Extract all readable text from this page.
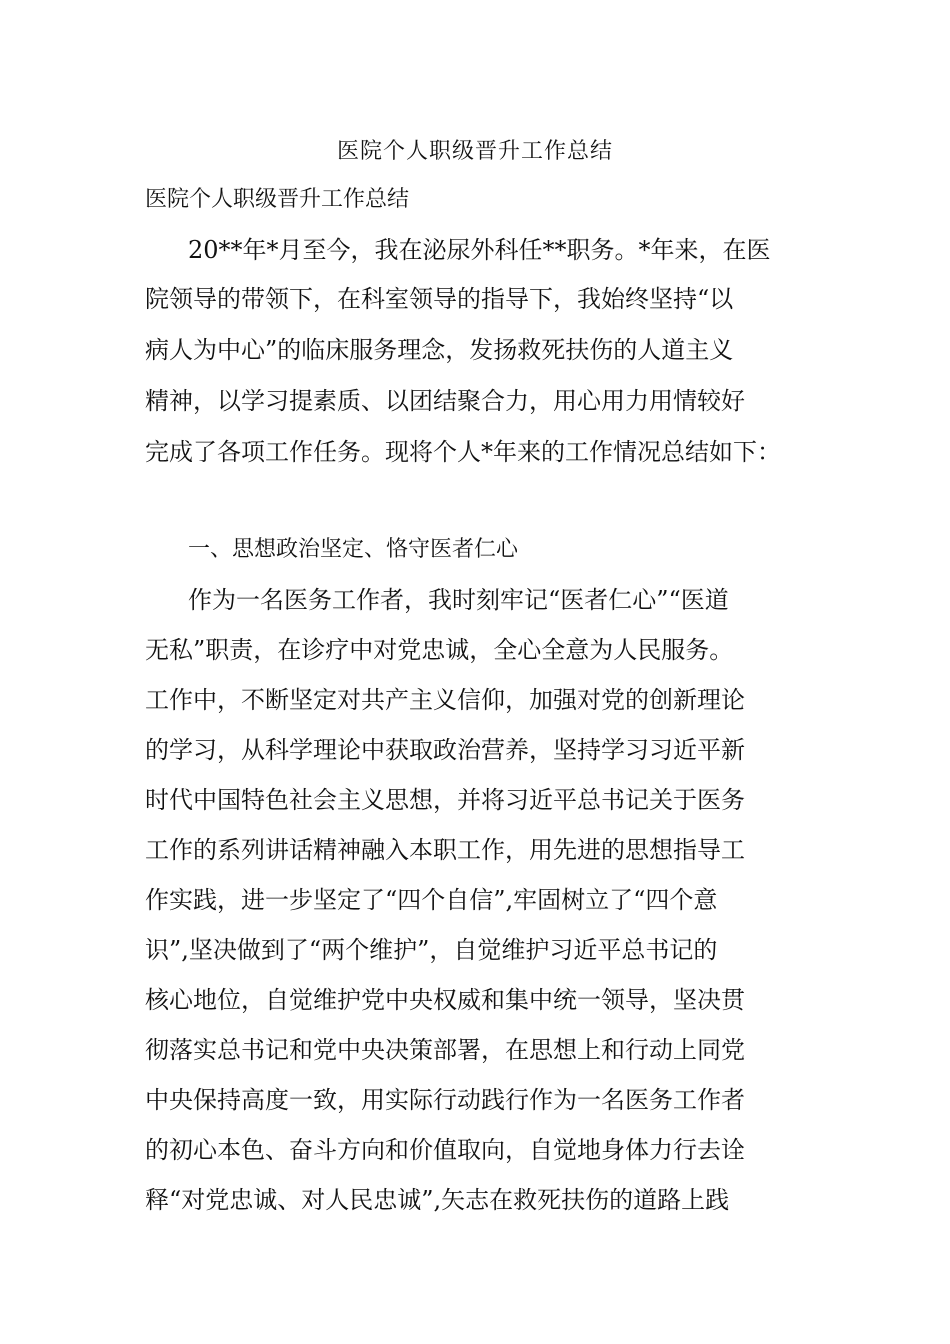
医院个人职级晋升工作总结
医院个人职级晋升工作总结
20**年*月至今，我在泌尿外科任**职务。*年来，在医
院领导的带领下，在科室领导的指导下，我始终坚持“以
病人为中心”的临床服务理念，发扬救死扶伤的人道主义
精神，以学习提素质、以团结聚合力，用心用力用情较好
完成了各项工作任务。现将个人*年来的工作情况总结如下：
一、思想政治坚定、恪守医者仁心
作为一名医务工作者，我时刻牢记“医者仁心”“医道
无私”职责，在诊疗中对党忠诚，全心全意为人民服务。
工作中，不断坚定对共产主义信仰，加强对党的创新理论
的学习，从科学理论中获取政治营养，坚持学习习近平新
时代中国特色社会主义思想，并将习近平总书记关于医务
工作的系列讲话精神融入本职工作，用先进的思想指导工
作实践，进一步坚定了“四个自信”,牢固树立了“四个意
识”,坚决做到了“两个维护”，自觉维护习近平总书记的
核心地位，自觉维护党中央权威和集中统一领导，坚决贯
彻落实总书记和党中央决策部署，在思想上和行动上同党
中央保持高度一致，用实际行动践行作为一名医务工作者
的初心本色、奋斗方向和价值取向，自觉地身体力行去诠
释“对党忠诚、对人民忠诚”,矢志在救死扶伤的道路上践
